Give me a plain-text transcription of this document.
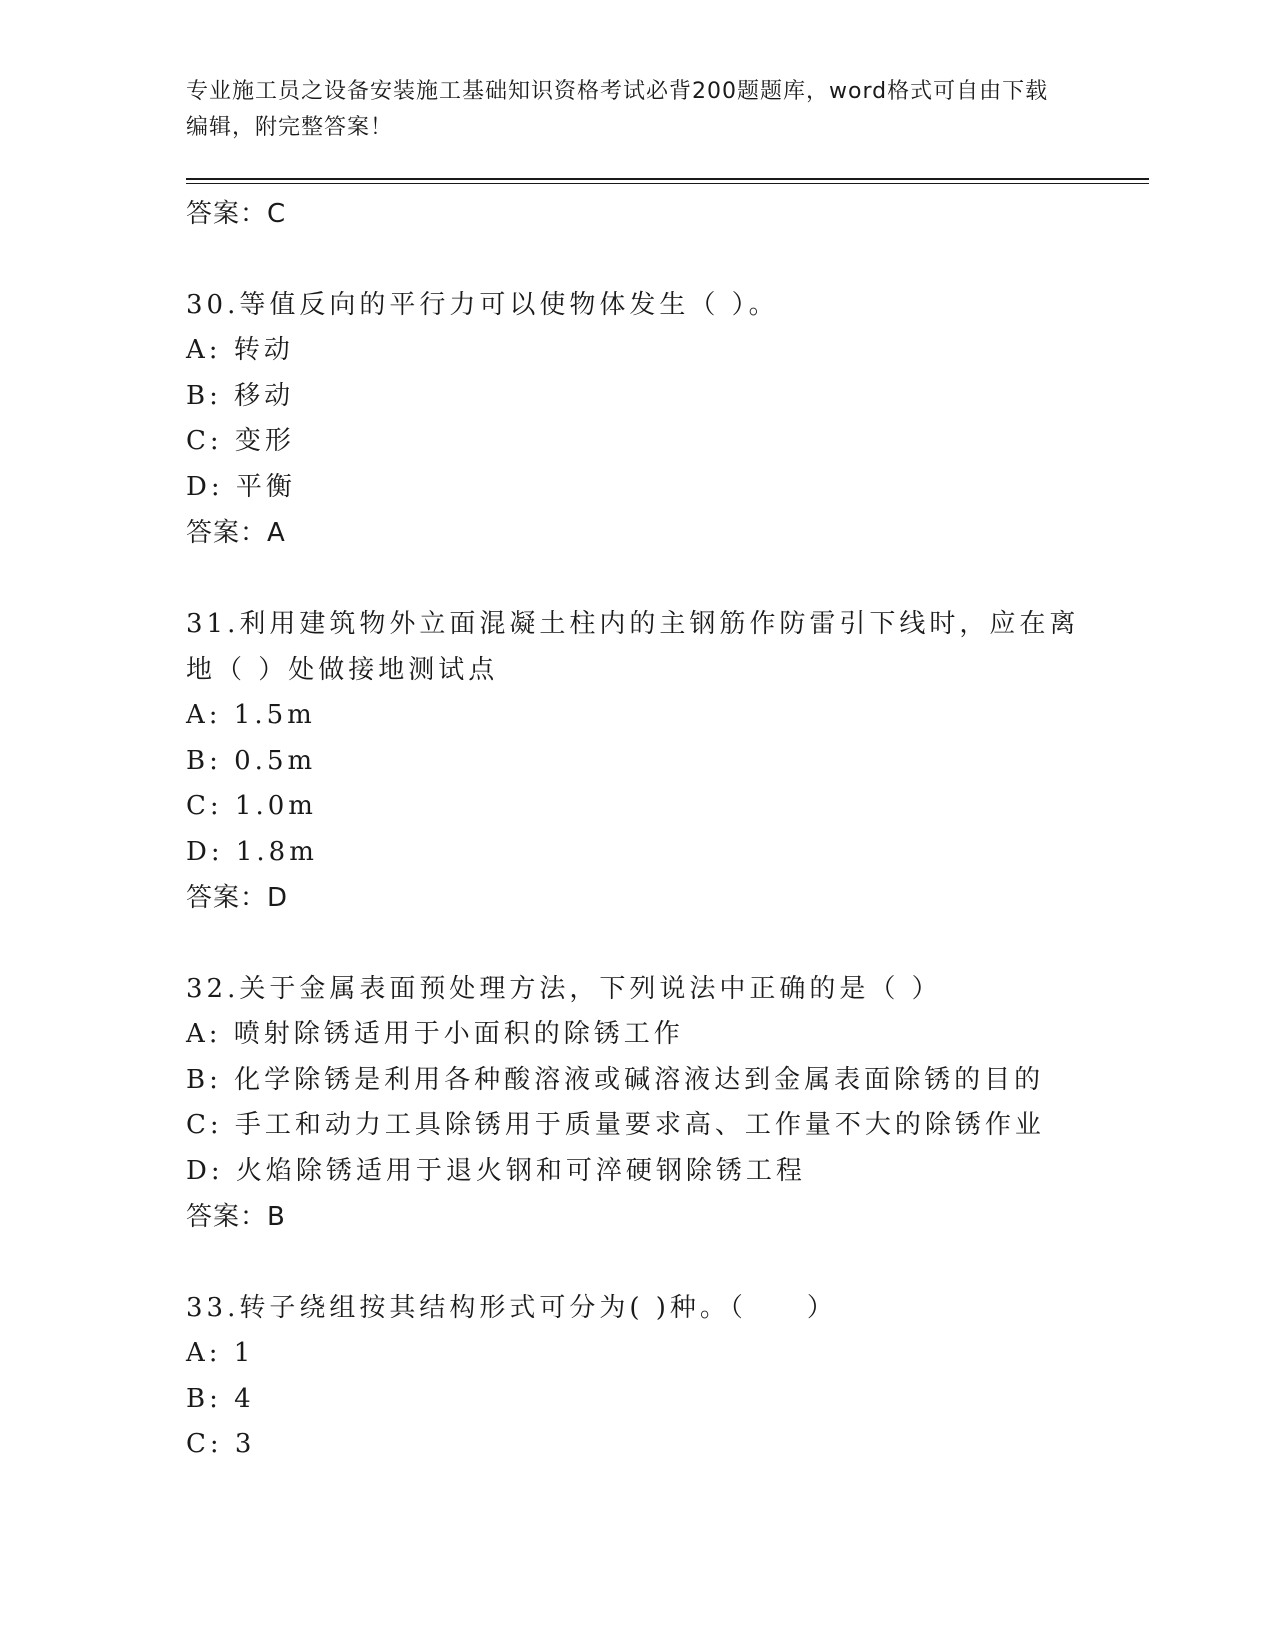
专业施工员之设备安装施工基础知识资格考试必背200题题库，word格式可自由下载编辑，附完整答案！
答案：C

30.等值反向的平行力可以使物体发生（ ）。

A: 转动
B: 移动
C: 变形
D: 平衡
答案：A

31.利用建筑物外立面混凝土柱内的主钢筋作防雷引下线时，应在离地（ ）处做接地测试点

A: 1.5m
B: 0.5m
C: 1.0m
D: 1.8m
答案：D

32.关于金属表面预处理方法，下列说法中正确的是（ ）

A: 喷射除锈适用于小面积的除锈工作
B: 化学除锈是利用各种酸溶液或碱溶液达到金属表面除锈的目的
C: 手工和动力工具除锈用于质量要求高、工作量不大的除锈作业
D: 火焰除锈适用于退火钢和可淬硬钢除锈工程
答案：B

33.转子绕组按其结构形式可分为( )种。（　　）

A: 1
B: 4
C: 3
